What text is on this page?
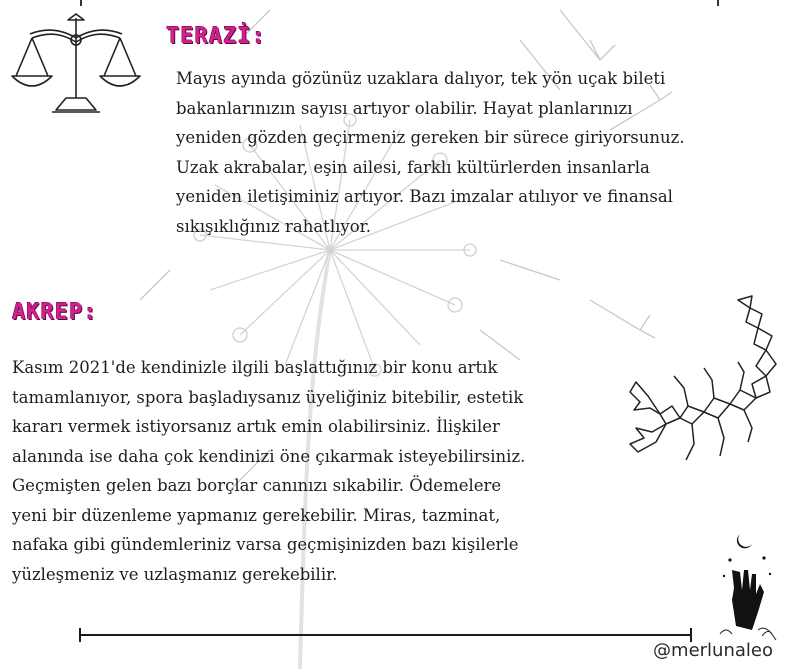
TERAZİ:

Mayıs ayında gözünüz uzaklara dalıyor, tek yön uçak bileti
bakanlarınızın sayısı artıyor olabilir. Hayat planlarınızı
yeniden gözden geçirmeniz gereken bir sürece giriyorsunuz.
Uzak akrabalar, eşin ailesi, farklı kültürlerden insanlarla
yeniden iletişiminiz artıyor. Bazı imzalar atılıyor ve finansal
sıkışıklığınız rahatlıyor.

AKREP:

Kasım 2021'de kendinizle ilgili başlattığınız bir konu artık
tamamlanıyor, spora başladıysanız üyeliğiniz bitebilir, estetik
kararı vermek istiyorsanız artık emin olabilirsiniz. İlişkiler
alanında ise daha çok kendinizi öne çıkarmak isteyebilirsiniz.
Geçmişten gelen bazı borçlar canınızı sıkabilir. Ödemelere
yeni bir düzenleme yapmanız gerekebilir. Miras, tazminat,
nafaka gibi gündemleriniz varsa geçmişinizden bazı kişilerle
yüzleşmeniz ve uzlaşmanız gerekebilir.

@merlunaleo
